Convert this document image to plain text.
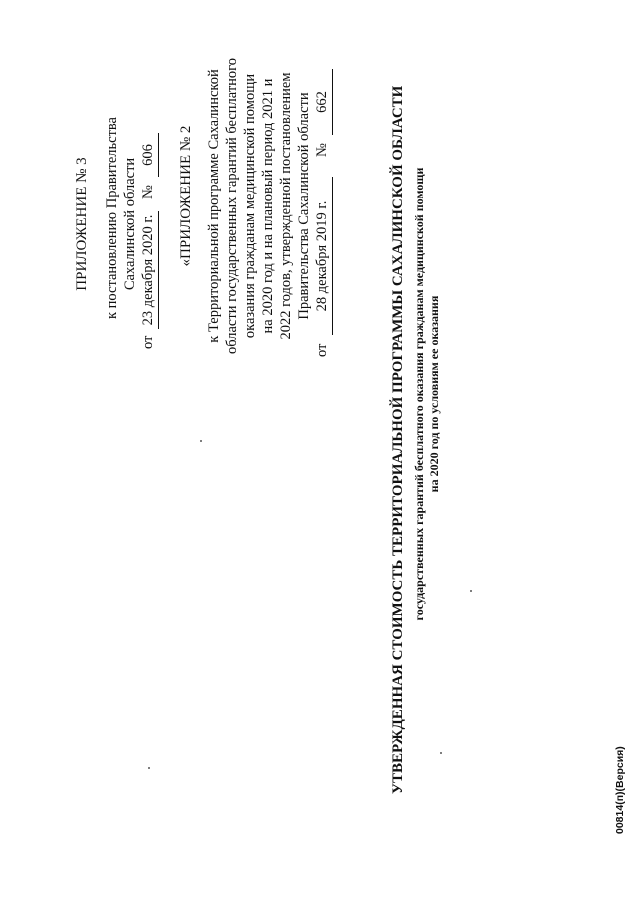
ПРИЛОЖЕНИЕ № 3 к постановлению Правительства Сахалинской области
от
23 декабря 2020 г.
№
606 «ПРИЛОЖЕНИЕ № 2 к Территориальной программе Сахалинской области государственных гарантий бесплатного оказания гражданам медицинской помощи на 2020 год и на плановый период 2021 и 2022 годов, утвержденной постановлением Правительства Сахалинской области
от
28 декабря 2019 г.
№
662	УТВЕРЖДЕННАЯ СТОИМОСТЬ ТЕРРИТОРИАЛЬНОЙ ПРОГРАММЫ САХАЛИНСКОЙ ОБЛАСТИ государственных гарантий бесплатного оказания гражданам медицинской помощи на 2020 год по условиям ее оказания
00814(п)(Версия)
